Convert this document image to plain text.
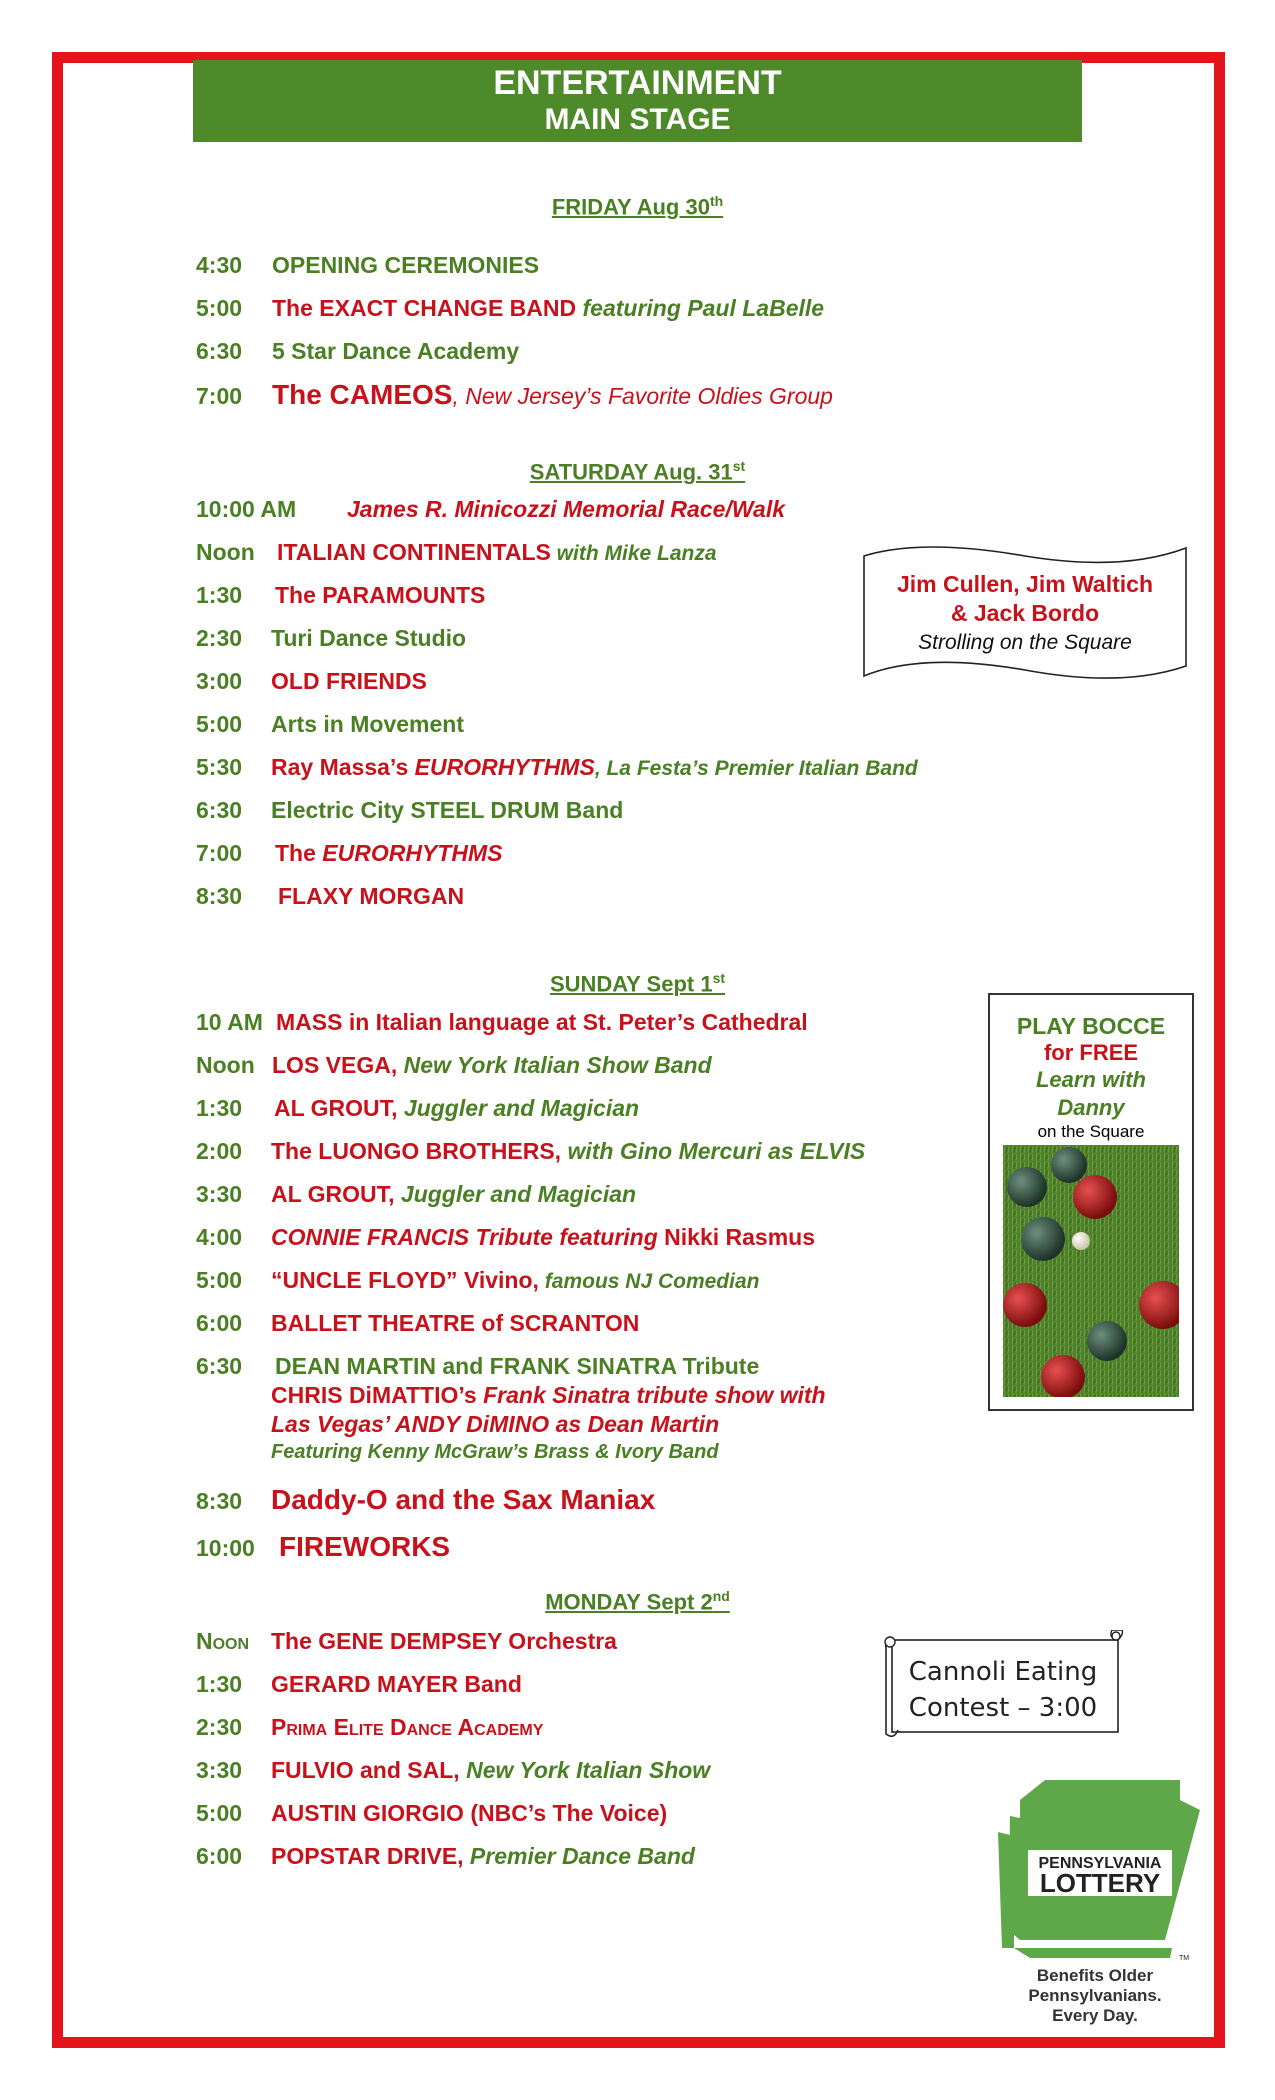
ENTERTAINMENT
MAIN STAGE
FRIDAY Aug 30th
4:30 OPENING CEREMONIES
5:00 The EXACT CHANGE BAND featuring Paul LaBelle
6:30 5 Star Dance Academy
7:00 The CAMEOS, New Jersey’s Favorite Oldies Group
SATURDAY Aug. 31st
10:00 AM James R. Minicozzi Memorial Race/Walk
Noon ITALIAN CONTINENTALS with Mike Lanza
1:30 The PARAMOUNTS
2:30 Turi Dance Studio
3:00 OLD FRIENDS
5:00 Arts in Movement
5:30 Ray Massa’s EURORHYTHMS, La Festa’s Premier Italian Band
6:30 Electric City STEEL DRUM Band
7:00 The EURORHYTHMS
8:30 FLAXY MORGAN
Jim Cullen, Jim Waltich
& Jack Bordo
Strolling on the Square
SUNDAY Sept 1st
10 AM MASS in Italian language at St. Peter’s Cathedral
Noon LOS VEGA, New York Italian Show Band
1:30 AL GROUT, Juggler and Magician
2:00 The LUONGO BROTHERS, with Gino Mercuri as ELVIS
3:30 AL GROUT, Juggler and Magician
4:00 CONNIE FRANCIS Tribute featuring Nikki Rasmus
5:00 “UNCLE FLOYD” Vivino, famous NJ Comedian
6:00 BALLET THEATRE of SCRANTON
6:30 DEAN MARTIN and FRANK SINATRA Tribute
CHRIS DiMATTIO’s Frank Sinatra tribute show with
Las Vegas’ ANDY DiMINO as Dean Martin
Featuring Kenny McGraw’s Brass & Ivory Band
8:30 Daddy-O and the Sax Maniax
10:00 FIREWORKS
PLAY BOCCE
for FREE
Learn with
Danny
on the Square
MONDAY Sept 2nd
Noon The GENE DEMPSEY Orchestra
1:30 GERARD MAYER Band
2:30 Prima Elite Dance Academy
3:30 FULVIO and SAL, New York Italian Show
5:00 AUSTIN GIORGIO (NBC’s The Voice)
6:00 POPSTAR DRIVE, Premier Dance Band
Cannoli Eating
Contest – 3:00
PENNSYLVANIA
LOTTERY
TM
Benefits Older Pennsylvanians.
Every Day.
